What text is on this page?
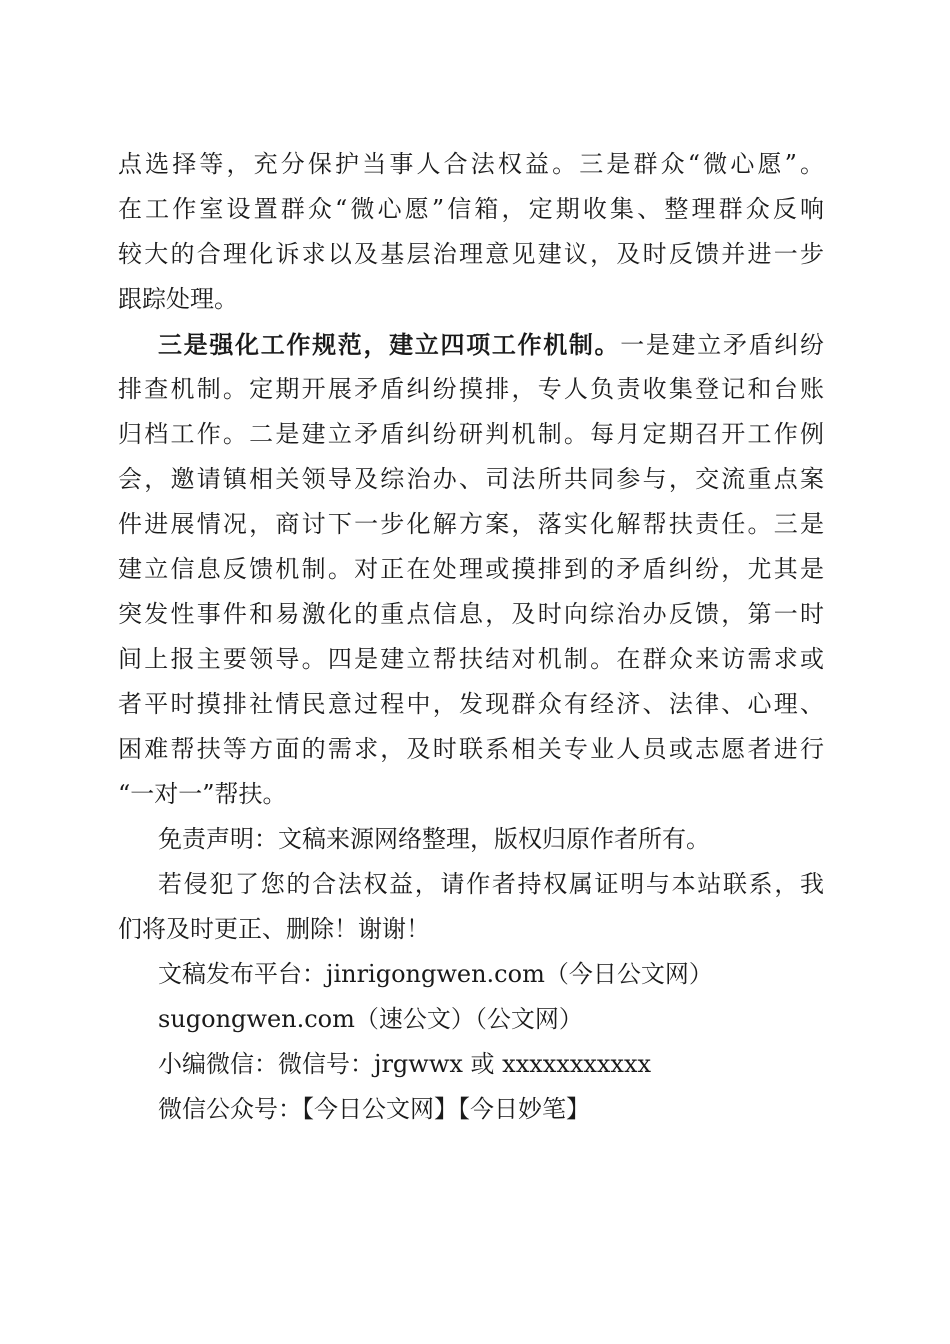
点选择等，充分保护当事人合法权益。三是群众“微心愿”。
在工作室设置群众“微心愿”信箱，定期收集、整理群众反响
较大的合理化诉求以及基层治理意见建议，及时反馈并进一步
跟踪处理。
三是强化工作规范，建立四项工作机制。一是建立矛盾纠纷
排查机制。定期开展矛盾纠纷摸排，专人负责收集登记和台账
归档工作。二是建立矛盾纠纷研判机制。每月定期召开工作例
会，邀请镇相关领导及综治办、司法所共同参与，交流重点案
件进展情况，商讨下一步化解方案，落实化解帮扶责任。三是
建立信息反馈机制。对正在处理或摸排到的矛盾纠纷，尤其是
突发性事件和易激化的重点信息，及时向综治办反馈，第一时
间上报主要领导。四是建立帮扶结对机制。在群众来访需求或
者平时摸排社情民意过程中，发现群众有经济、法律、心理、
困难帮扶等方面的需求，及时联系相关专业人员或志愿者进行
“一对一”帮扶。
免责声明：文稿来源网络整理，版权归原作者所有。
若侵犯了您的合法权益，请作者持权属证明与本站联系，我
们将及时更正、删除！谢谢！
文稿发布平台：jinrigongwen.com（今日公文网）
sugongwen.com（速公文）（公文网）
小编微信：微信号：jrgwwx 或 xxxxxxxxxxx
微信公众号：【今日公文网】【今日妙笔】
